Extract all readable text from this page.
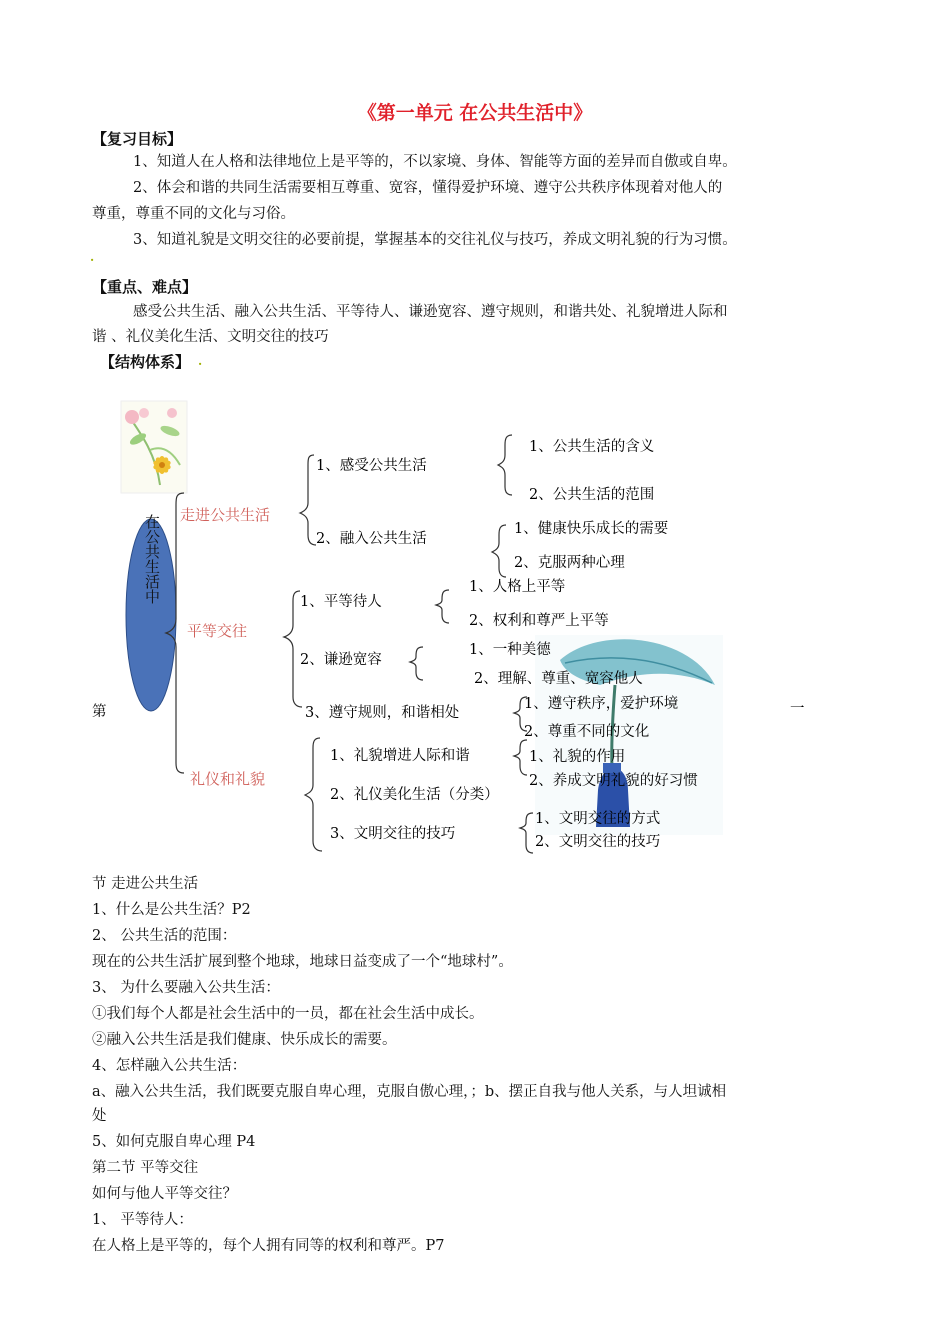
《第一单元 在公共生活中》
【复习目标】
1、知道人在人格和法律地位上是平等的，不以家境、身体、智能等方面的差异而自傲或自卑。
2、体会和谐的共同生活需要相互尊重、宽容，懂得爱护环境、遵守公共秩序体现着对他人的
尊重，尊重不同的文化与习俗。
3、知道礼貌是文明交往的必要前提，掌握基本的交往礼仪与技巧，养成文明礼貌的行为习惯。
.
【重点、难点】
感受公共生活、融入公共生活、平等待人、谦逊宽容、遵守规则，和谐共处、礼貌增进人际和
谐 、礼仪美化生活、文明交往的技巧
【结构体系】 .
在公共生活中 走进公共生活
平等交往
礼仪和礼貌
1、感受公共生活
2、融入公共生活
1、平等待人
2、谦逊宽容
3、遵守规则，和谐相处
1、礼貌增进人际和谐
2、礼仪美化生活（分类）
3、文明交往的技巧
1、公共生活的含义
2、公共生活的范围
1、健康快乐成长的需要
2、克服两种心理
1、人格上平等
2、权利和尊严上平等
1、一种美德
2、理解、尊重、宽容他人
1、遵守秩序，爱护环境
2、尊重不同的文化
1、礼貌的作用
2、养成文明礼貌的好习惯
1、文明交往的方式
2、文明交往的技巧
第	一
节 走进公共生活
1、什么是公共生活？P2
2、 公共生活的范围：
现在的公共生活扩展到整个地球，地球日益变成了一个“地球村”。
3、 为什么要融入公共生活：
①我们每个人都是社会生活中的一员，都在社会生活中成长。
②融入公共生活是我们健康、快乐成长的需要。
4、怎样融入公共生活：
a、融入公共生活，我们既要克服自卑心理，克服自傲心理，；b、摆正自我与他人关系，与人坦诚相
处
5、如何克服自卑心理 P4
第二节 平等交往
如何与他人平等交往？
1、 平等待人：
在人格上是平等的，每个人拥有同等的权利和尊严。P7
